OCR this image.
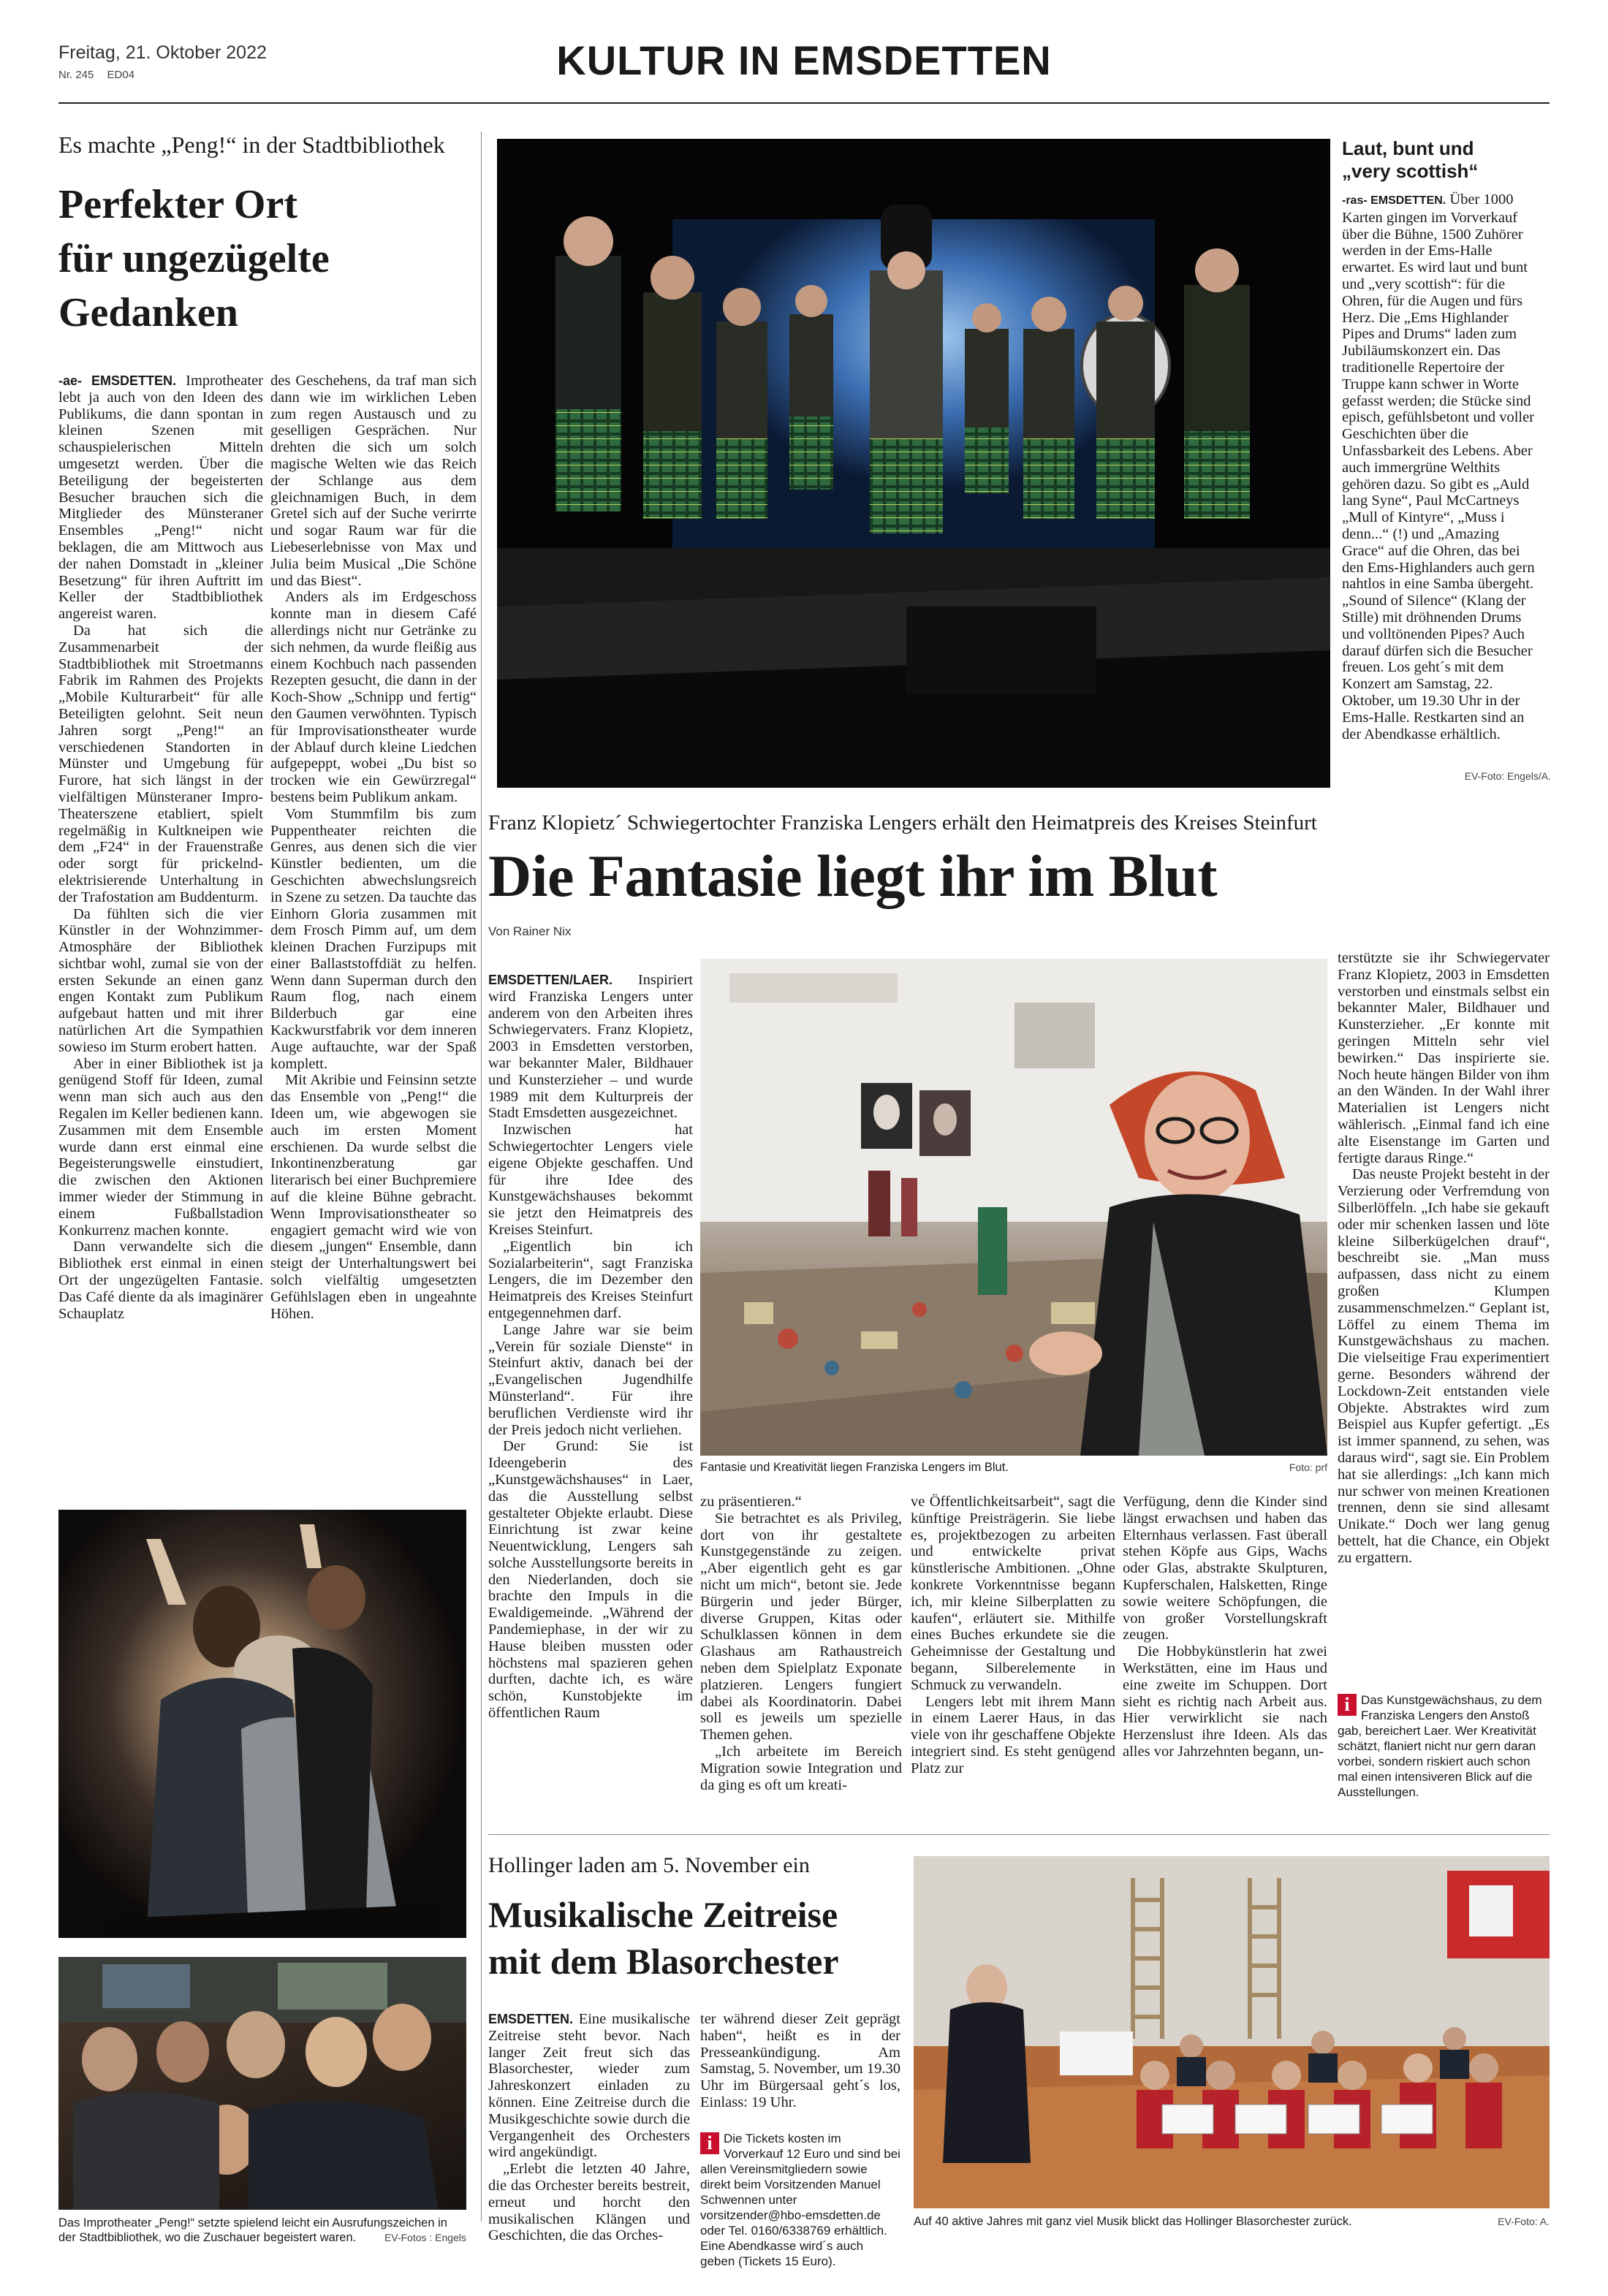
Freitag, 21. Oktober 2022
Nr. 245 ED04	KULTUR IN EMSDETTEN
Es machte „Peng!“ in der Stadtbibliothek
Perfekter Ort
für ungezügelte
Gedanken

-ae- EMSDETTEN. Improtheater lebt ja auch von den Ideen des Publikums, die dann spontan in kleinen Szenen mit schauspielerischen Mitteln umgesetzt werden. Über die Beteiligung der begeisterten Besucher brauchen sich die Mitglieder des Münsteraner Ensembles „Peng!“ nicht beklagen, die am Mittwoch aus der nahen Domstadt in „kleiner Besetzung“ für ihren Auftritt im Keller der Stadtbibliothek angereist waren.

Da hat sich die Zusammenarbeit der Stadtbibliothek mit Stroetmanns Fabrik im Rahmen des Projekts „Mobile Kulturarbeit“ für alle Beteiligten gelohnt. Seit neun Jahren sorgt „Peng!“ an verschiedenen Standorten in Münster und Umgebung für Furore, hat sich längst in der vielfältigen Münsteraner Impro-Theaterszene etabliert, spielt regelmäßig in Kultkneipen wie dem „F24“ in der Frauenstraße oder sorgt für prickelnd-elektrisierende Unterhaltung in der Trafostation am Buddenturm.

Da fühlten sich die vier Künstler in der Wohnzimmer-Atmosphäre der Bibliothek sichtbar wohl, zumal sie von der ersten Sekunde an einen ganz engen Kontakt zum Publikum aufgebaut hatten und mit ihrer natürlichen Art die Sympathien sowieso im Sturm erobert hatten.

Aber in einer Bibliothek ist ja genügend Stoff für Ideen, zumal wenn man sich auch aus den Regalen im Keller bedienen kann. Zusammen mit dem Ensemble wurde dann erst einmal eine Begeisterungswelle einstudiert, die zwischen den Aktionen immer wieder der Stimmung in einem Fußballstadion Konkurrenz machen konnte.

Dann verwandelte sich die Bibliothek erst einmal in einen Ort der ungezügelten Fantasie. Das Café diente da als imaginärer Schauplatz

des Geschehens, da traf man sich dann wie im wirklichen Leben zum regen Austausch und zu geselligen Gesprächen. Nur drehten die sich um solch magische Welten wie das Reich der Schlange aus dem gleichnamigen Buch, in dem Gretel sich auf der Suche verirrte und sogar Raum war für die Liebeserlebnisse von Max und Julia beim Musical „Die Schöne und das Biest“.

Anders als im Erdgeschoss konnte man in diesem Café allerdings nicht nur Getränke zu sich nehmen, da wurde fleißig aus einem Kochbuch nach passenden Rezepten gesucht, die dann in der Koch-Show „Schnipp und fertig“ den Gaumen verwöhnten. Typisch für Improvisationstheater wurde der Ablauf durch kleine Liedchen aufgepeppt, wobei „Du bist so trocken wie ein Gewürzregal“ bestens beim Publikum ankam.

Vom Stummfilm bis zum Puppentheater reichten die Genres, aus denen sich die vier Künstler bedienten, um die Geschichten abwechslungsreich in Szene zu setzen. Da tauchte das Einhorn Gloria zusammen mit dem Frosch Pimm auf, um dem kleinen Drachen Furzipups mit einer Ballaststoffdiät zu helfen. Wenn dann Superman durch den Raum flog, nach einem Bilderbuch gar eine Kackwurstfabrik vor dem inneren Auge auftauchte, war der Spaß komplett.

Mit Akribie und Feinsinn setzte das Ensemble von „Peng!“ die Ideen um, wie abgewogen sie auch im ersten Moment erschienen. Da wurde selbst die Inkontinenzberatung gar literarisch bei einer Buchpremiere auf die kleine Bühne gebracht. Wenn Improvisationstheater so engagiert gemacht wird wie von diesem „jungen“ Ensemble, dann steigt der Unterhaltungswert bei solch vielfältig umgesetzten Gefühlslagen eben in ungeahnte Höhen.

Das Improtheater „Peng!“ setzte spielend leicht ein Ausrufungszeichen in der Stadtbibliothek, wo die Zuschauer begeistert waren.	EV-Fotos : Engels
Laut, bunt und
„very scottish“

-ras- EMSDETTEN. Über 1000 Karten gingen im Vorverkauf über die Bühne, 1500 Zuhörer werden in der Ems-Halle erwartet. Es wird laut und bunt und „very scottish“: für die Ohren, für die Augen und fürs Herz. Die „Ems Highlander Pipes and Drums“ laden zum Jubiläumskonzert ein. Das traditionelle Repertoire der Truppe kann schwer in Worte gefasst werden; die Stücke sind episch, gefühlsbetont und voller Geschichten über die Unfassbarkeit des Lebens. Aber auch immergrüne Welthits gehören dazu. So gibt es „Auld lang Syne“, Paul McCartneys „Mull of Kintyre“, „Muss i denn...“ (!) und „Amazing Grace“ auf die Ohren, das bei den Ems-Highlanders auch gern nahtlos in eine Samba übergeht. „Sound of Silence“ (Klang der Stille) mit dröhnenden Drums und volltönenden Pipes? Auch darauf dürfen sich die Besucher freuen. Los geht´s mit dem Konzert am Samstag, 22. Oktober, um 19.30 Uhr in der Ems-Halle. Restkarten sind an der Abendkasse erhältlich.

EV-Foto: Engels/A.
Franz Klopietz´ Schwiegertochter Franziska Lengers erhält den Heimatpreis des Kreises Steinfurt
Die Fantasie liegt ihr im Blut
Von Rainer Nix

EMSDETTEN/LAER. Inspiriert wird Franziska Lengers unter anderem von den Arbeiten ihres Schwiegervaters. Franz Klopietz, 2003 in Emsdetten verstorben, war bekannter Maler, Bildhauer und Kunsterzieher – und wurde 1989 mit dem Kulturpreis der Stadt Emsdetten ausgezeichnet.

Inzwischen hat Schwiegertochter Lengers viele eigene Objekte geschaffen. Und für ihre Idee des Kunstgewächshauses bekommt sie jetzt den Heimatpreis des Kreises Steinfurt.

„Eigentlich bin ich Sozialarbeiterin“, sagt Franziska Lengers, die im Dezember den Heimatpreis des Kreises Steinfurt entgegennehmen darf.

Lange Jahre war sie beim „Verein für soziale Dienste“ in Steinfurt aktiv, danach bei der „Evangelischen Jugendhilfe Münsterland“. Für ihre beruflichen Verdienste wird ihr der Preis jedoch nicht verliehen.

Der Grund: Sie ist Ideengeberin des „Kunstgewächshauses“ in Laer, das die Ausstellung selbst gestalteter Objekte erlaubt. Diese Einrichtung ist zwar keine Neuentwicklung, Lengers sah solche Ausstellungsorte bereits in den Niederlanden, doch sie brachte den Impuls in die Ewaldigemeinde. „Während der Pandemiephase, in der wir zu Hause bleiben mussten oder höchstens mal spazieren gehen durften, dachte ich, es wäre schön, Kunstobjekte im öffentlichen Raum

Fantasie und Kreativität liegen Franziska Lengers im Blut.	Foto: prf

zu präsentieren.“

Sie betrachtet es als Privileg, dort von ihr gestaltete Kunstgegenstände zu zeigen. „Aber eigentlich geht es gar nicht um mich“, betont sie. Jede Bürgerin und jeder Bürger, diverse Gruppen, Kitas oder Schulklassen können in dem Glashaus am Rathaustreich neben dem Spielplatz Exponate platzieren. Lengers fungiert dabei als Koordinatorin. Dabei soll es jeweils um spezielle Themen gehen.

„Ich arbeitete im Bereich Migration sowie Integration und da ging es oft um kreati-

ve Öffentlichkeitsarbeit“, sagt die künftige Preisträgerin. Sie liebe es, projektbezogen zu arbeiten und entwickelte privat künstlerische Ambitionen. „Ohne konkrete Vorkenntnisse begann ich, mir kleine Silberplatten zu kaufen“, erläutert sie. Mithilfe eines Buches erkundete sie die Geheimnisse der Gestaltung und begann, Silberelemente in Schmuck zu verwandeln.

Lengers lebt mit ihrem Mann in einem Laerer Haus, in das viele von ihr geschaffene Objekte integriert sind. Es steht genügend Platz zur

Verfügung, denn die Kinder sind längst erwachsen und haben das Elternhaus verlassen. Fast überall stehen Köpfe aus Gips, Wachs oder Glas, abstrakte Skulpturen, Kupferschalen, Halsketten, Ringe sowie weitere Schöpfungen, die von großer Vorstellungskraft zeugen.

Die Hobbykünstlerin hat zwei Werkstätten, eine im Haus und eine zweite im Schuppen. Dort sieht es richtig nach Arbeit aus. Hier verwirklicht sie nach Herzenslust ihre Ideen. Als das alles vor Jahrzehnten begann, un-

terstützte sie ihr Schwiegervater Franz Klopietz, 2003 in Emsdetten verstorben und einstmals selbst ein bekannter Maler, Bildhauer und Kunsterzieher. „Er konnte mit geringen Mitteln sehr viel bewirken.“ Das inspirierte sie. Noch heute hängen Bilder von ihm an den Wänden. In der Wahl ihrer Materialien ist Lengers nicht wählerisch. „Einmal fand ich eine alte Eisenstange im Garten und fertigte daraus Ringe.“

Das neuste Projekt besteht in der Verzierung oder Verfremdung von Silberlöffeln. „Ich habe sie gekauft oder mir schenken lassen und löte kleine Silberkügelchen drauf“, beschreibt sie. „Man muss aufpassen, dass nicht zu einem großen Klumpen zusammenschmelzen.“ Geplant ist, Löffel zu einem Thema im Kunstgewächshaus zu machen. Die vielseitige Frau experimentiert gerne. Besonders während der Lockdown-Zeit entstanden viele Objekte. Abstraktes wird zum Beispiel aus Kupfer gefertigt. „Es ist immer spannend, zu sehen, was daraus wird“, sagt sie. Ein Problem hat sie allerdings: „Ich kann mich nur schwer von meinen Kreationen trennen, denn sie sind allesamt Unikate.“ Doch wer lang genug bettelt, hat die Chance, ein Objekt zu ergattern.

i Das Kunstgewächshaus, zu dem Franziska Lengers den Anstoß gab, bereichert Laer. Wer Kreativität schätzt, flaniert nicht nur gern daran vorbei, sondern riskiert auch schon mal einen intensiveren Blick auf die Ausstellungen.
Hollinger laden am 5. November ein
Musikalische Zeitreise
mit dem Blasorchester

EMSDETTEN. Eine musikalische Zeitreise steht bevor. Nach langer Zeit freut sich das Blasorchester, wieder zum Jahreskonzert einladen zu können. Eine Zeitreise durch die Musikgeschichte sowie durch die Vergangenheit des Orchesters wird angekündigt.

„Erlebt die letzten 40 Jahre, die das Orchester bereits bestreit, erneut und horcht den musikalischen Klängen und Geschichten, die das Orches-

ter während dieser Zeit geprägt haben“, heißt es in der Presseankündigung. Am Samstag, 5. November, um 19.30 Uhr im Bürgersaal geht´s los, Einlass: 19 Uhr.

i Die Tickets kosten im Vorverkauf 12 Euro und sind bei allen Vereinsmitgliedern sowie direkt beim Vorsitzenden Manuel Schwennen unter vorsitzender@hbo-emsdetten.de oder Tel. 0160/6338769 erhältlich. Eine Abendkasse wird´s auch geben (Tickets 15 Euro).
Auf 40 aktive Jahres mit ganz viel Musik blickt das Hollinger Blasorchester zurück.	EV-Foto: A.
